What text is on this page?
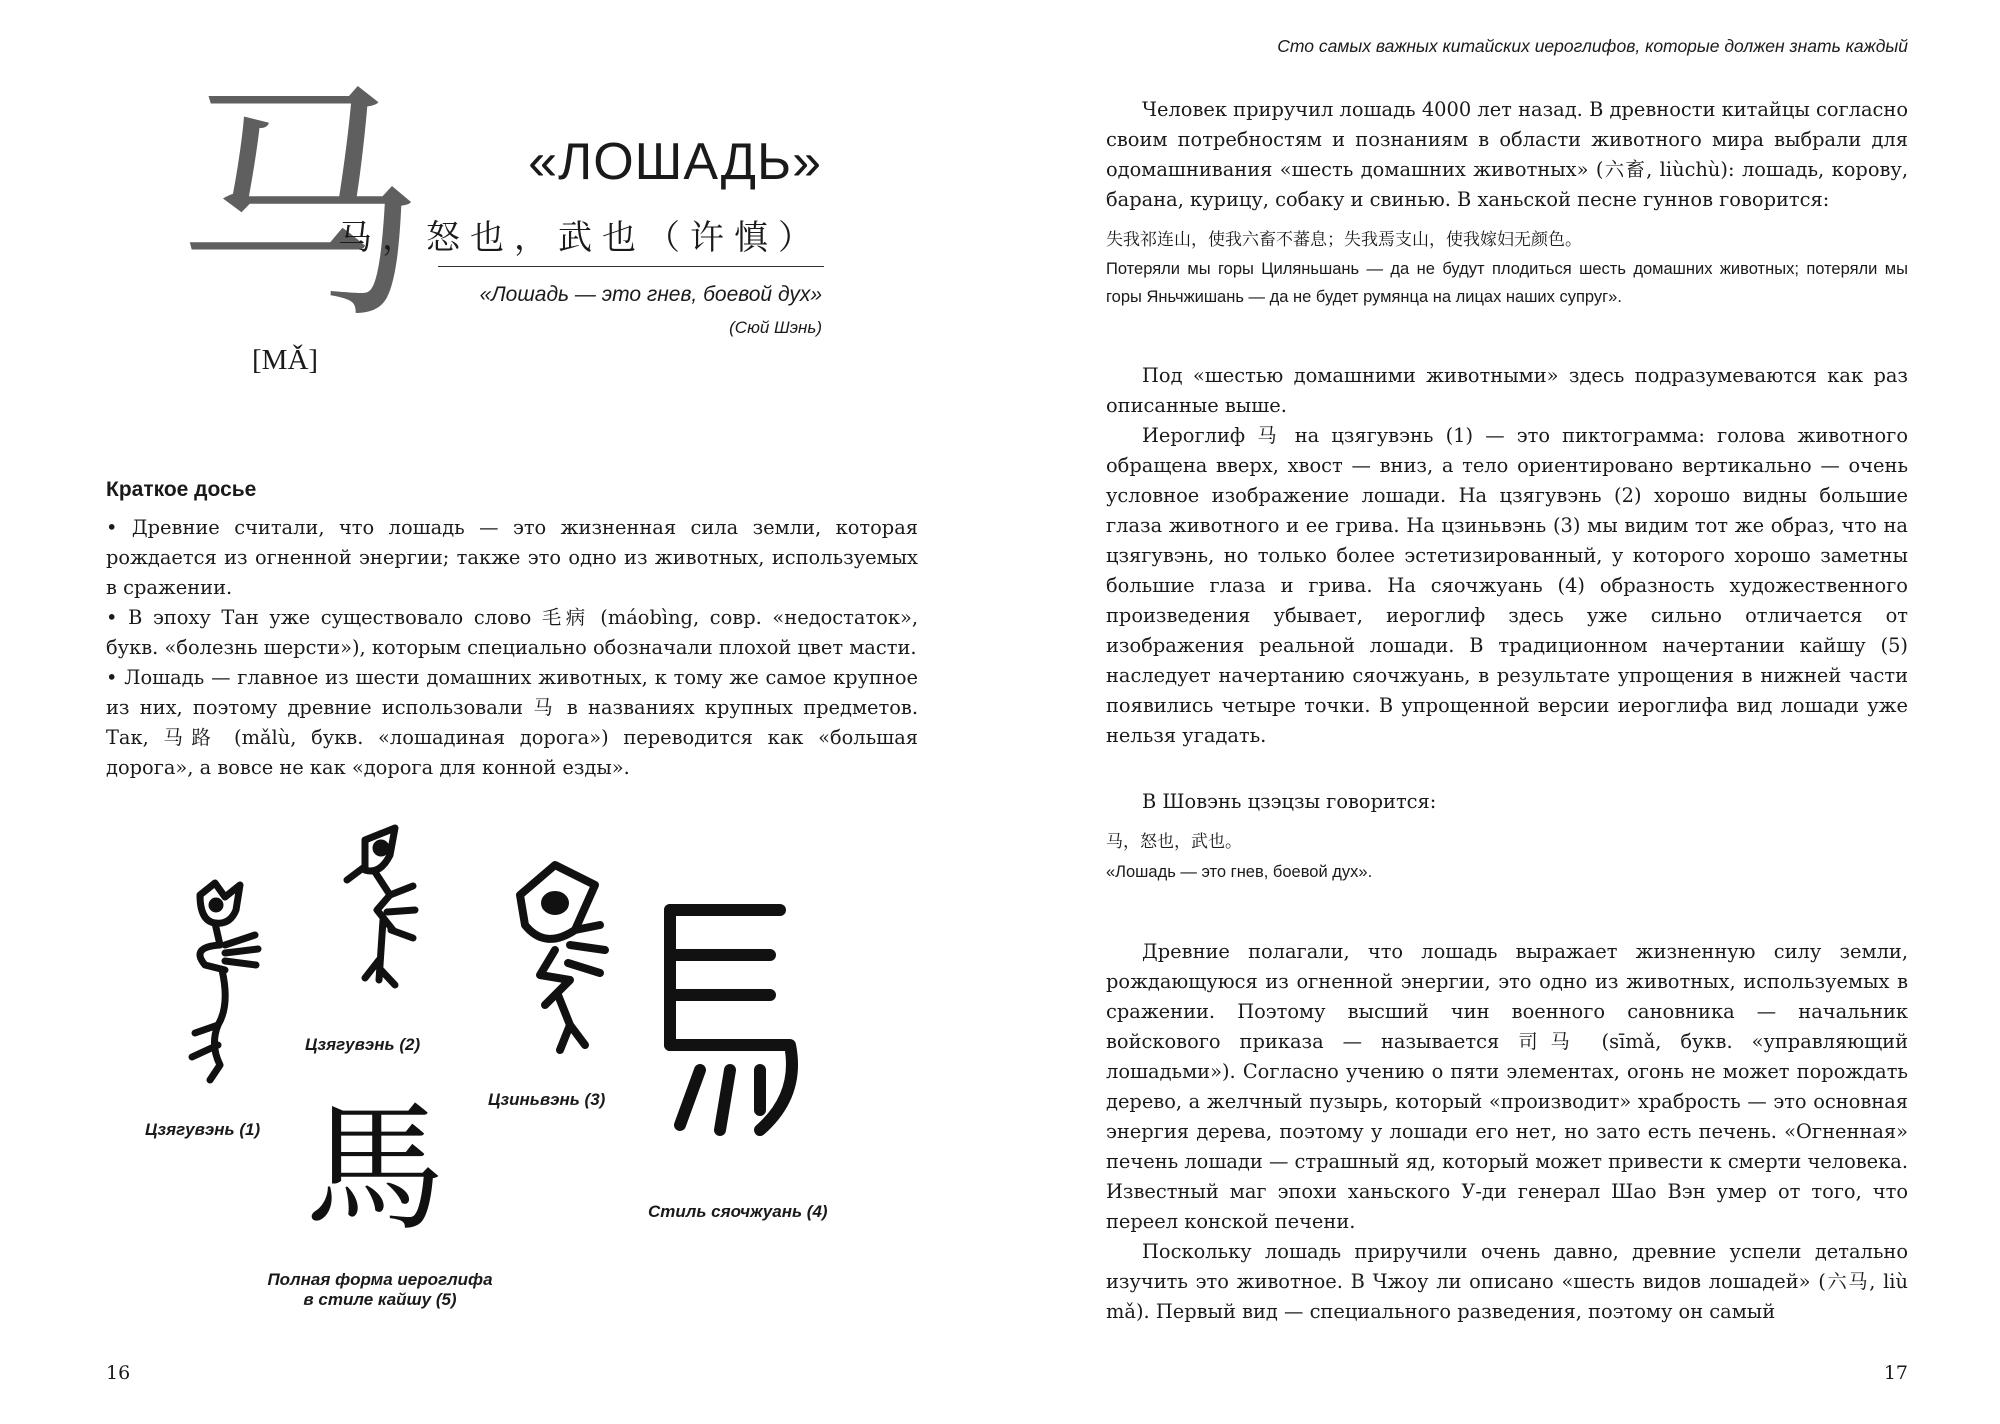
马
[MǍ]
«ЛОШАДЬ»
马，怒也，武也（许慎）
«Лошадь — это гнев, боевой дух»
(Сюй Шэнь)
Краткое досье

• Древние считали, что лошадь — это жизненная сила земли, которая рождается из огненной энергии; также это одно из животных, используемых в сражении.

• В эпоху Тан уже существовало слово 毛病 (máobìng, совр. «недостаток», букв. «болезнь шерсти»), которым специально обозначали плохой цвет масти.

• Лошадь — главное из шести домашних животных, к тому же самое крупное из них, поэтому древние использовали 马 в названиях крупных предметов. Так, 马路 (mǎlù, букв. «лошадиная дорога») переводится как «большая дорога», а вовсе не как «дорога для конной езды».

馬
Цзягувэнь (1)
Цзягувэнь (2)
Цзиньвэнь (3)
Стиль сяочжуань (4)
Полная форма иероглифа
в стиле кайшу (5)
16
Сто самых важных китайских иероглифов, которые должен знать каждый

Человек приручил лошадь 4000 лет назад. В древности китайцы согласно своим потребностям и познаниям в области животного мира выбрали для одомашнивания «шесть домашних животных» (六畜, liùchù): лошадь, корову, барана, курицу, собаку и свинью. В ханьской песне гуннов говорится:

失我祁连山，使我六畜不蕃息；失我焉支山，使我嫁妇无颜色。

Потеряли мы горы Циляньшань — да не будут плодиться шесть домашних животных; потеряли мы горы Яньчжишань — да не будет румянца на лицах наших супруг».

Под «шестью домашними животными» здесь подразумеваются как раз описанные выше.

Иероглиф 马 на цзягувэнь (1) — это пиктограмма: голова животного обращена вверх, хвост — вниз, а тело ориентировано вертикально — очень условное изображение лошади. На цзягувэнь (2) хорошо видны большие глаза животного и ее грива. На цзиньвэнь (3) мы видим тот же образ, что на цзягувэнь, но только более эстетизированный, у которого хорошо заметны большие глаза и грива. На сяочжуань (4) образность художественного произведения убывает, иероглиф здесь уже сильно отличается от изображения реальной лошади. В традиционном начертании кайшу (5) наследует начертанию сяочжуань, в результате упрощения в нижней части появились четыре точки. В упрощенной версии иероглифа вид лошади уже нельзя угадать.

В Шовэнь цзэцзы говорится:

马，怒也，武也。

«Лошадь — это гнев, боевой дух».

Древние полагали, что лошадь выражает жизненную силу земли, рождающуюся из огненной энергии, это одно из животных, используемых в сражении. Поэтому высший чин военного сановника — начальник войскового приказа — называется 司马 (sīmǎ, букв. «управляющий лошадьми»). Согласно учению о пяти элементах, огонь не может порождать дерево, а желчный пузырь, который «производит» храбрость — это основная энергия дерева, поэтому у лошади его нет, но зато есть печень. «Огненная» печень лошади — страшный яд, который может привести к смерти человека. Известный маг эпохи ханьского У-ди генерал Шао Вэн умер от того, что переел конской печени.

Поскольку лошадь приручили очень давно, древние успели детально изучить это животное. В Чжоу ли описано «шесть видов лошадей» (六马, liù mǎ). Первый вид — специального разведения, поэтому он самый

17
